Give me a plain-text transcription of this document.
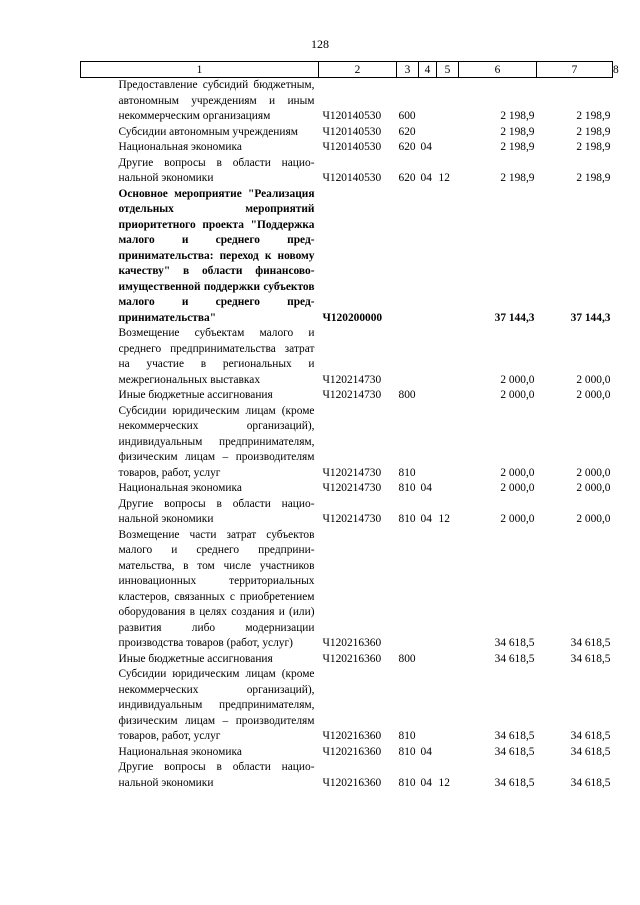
128
1	2	3	4	5	6	7	8
Предоставление субсидий бюджетным, автономным учреждениям и иным некоммерческим организациям	Ч120140530	600			2 198,9	2 198,9	
Субсидии автономным учреждениям	Ч120140530	620			2 198,9	2 198,9	
Национальная экономика	Ч120140530	620	04		2 198,9	2 198,9	
Другие вопросы в области национальной экономики	Ч120140530	620	04	12	2 198,9	2 198,9	
Основное мероприятие "Реализация отдельных мероприятий приоритетного проекта "Поддержка малого и среднего предпринимательства: переход к новому качеству" в области финансово-имущественной поддержки субъектов малого и среднего предпринимательства"	Ч120200000				37 144,3	37 144,3	
Возмещение субъектам малого и среднего предпринимательства затрат на участие в региональных и межрегиональных выставках	Ч120214730				2 000,0	2 000,0	
Иные бюджетные ассигнования	Ч120214730	800			2 000,0	2 000,0	
Субсидии юридическим лицам (кроме некоммерческих организаций), индивидуальным предпринимателям, физическим лицам – производителям товаров, работ, услуг	Ч120214730	810			2 000,0	2 000,0	
Национальная экономика	Ч120214730	810	04		2 000,0	2 000,0	
Другие вопросы в области национальной экономики	Ч120214730	810	04	12	2 000,0	2 000,0	
Возмещение части затрат субъектов малого и среднего предпринимательства, в том числе участников инновационных территориальных кластеров, связанных с приобретением оборудования в целях создания и (или) развития либо модернизации производства товаров (работ, услуг)	Ч120216360				34 618,5	34 618,5	
Иные бюджетные ассигнования	Ч120216360	800			34 618,5	34 618,5	
Субсидии юридическим лицам (кроме некоммерческих организаций), индивидуальным предпринимателям, физическим лицам – производителям товаров, работ, услуг	Ч120216360	810			34 618,5	34 618,5	
Национальная экономика	Ч120216360	810	04		34 618,5	34 618,5	
Другие вопросы в области национальной экономики	Ч120216360	810	04	12	34 618,5	34 618,5	
